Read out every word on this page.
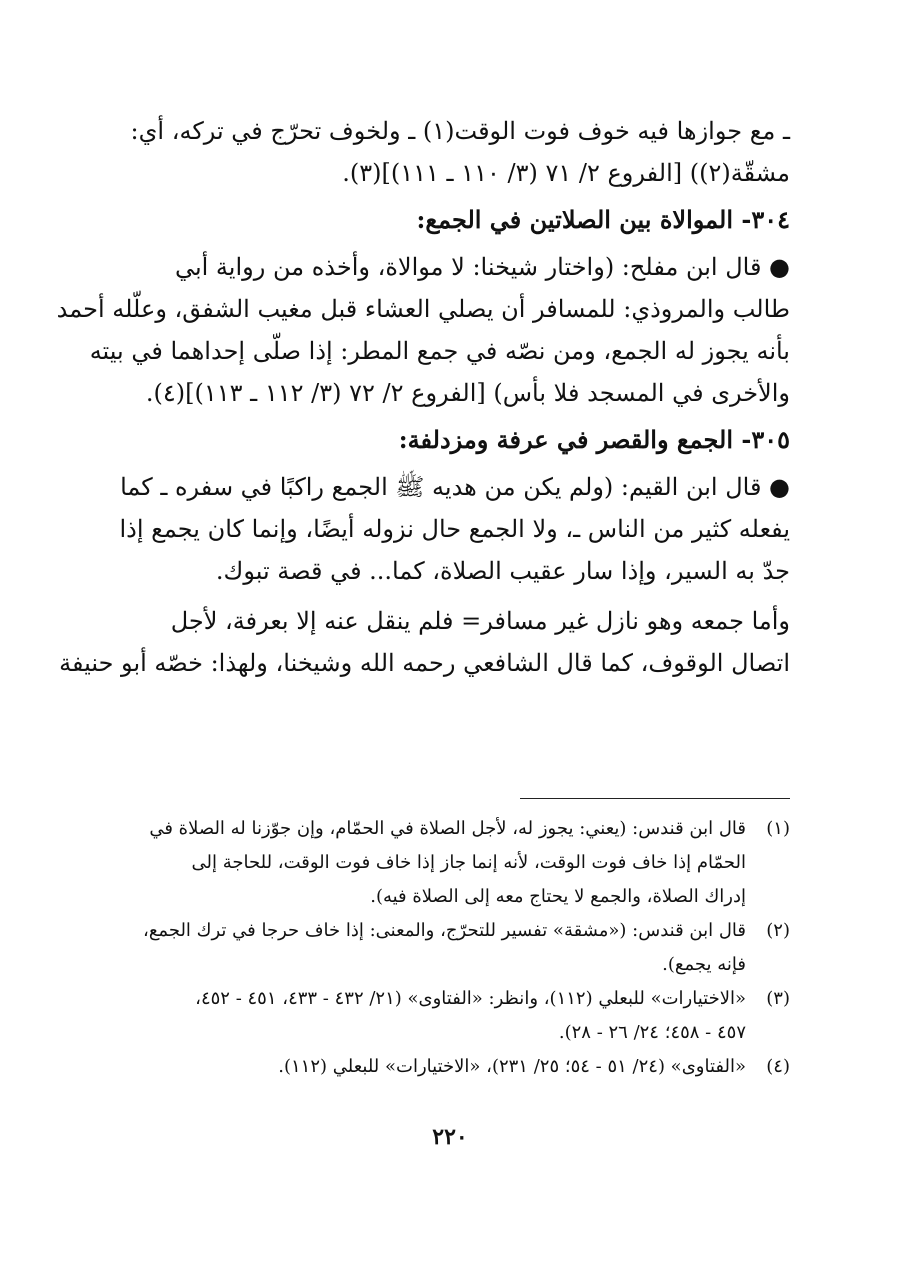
ـ مع جوازها فيه خوف فوت الوقت(١) ـ ولخوف تحرّج في تركه، أي:
مشقّة(٢)) [الفروع ٢/ ٧١ (٣/ ١١٠ ـ ١١١)](٣).
٣٠٤- الموالاة بين الصلاتين في الجمع:
● قال ابن مفلح: (واختار شيخنا: لا موالاة، وأخذه من رواية أبي
طالب والمروذي: للمسافر أن يصلي العشاء قبل مغيب الشفق، وعلّله أحمد
بأنه يجوز له الجمع، ومن نصّه في جمع المطر: إذا صلّى إحداهما في بيته
والأخرى في المسجد فلا بأس) [الفروع ٢/ ٧٢ (٣/ ١١٢ ـ ١١٣)](٤).
٣٠٥- الجمع والقصر في عرفة ومزدلفة:
● قال ابن القيم: (ولم يكن من هديه ﷺ الجمع راكبًا في سفره ـ كما
يفعله كثير من الناس ـ، ولا الجمع حال نزوله أيضًا، وإنما كان يجمع إذا
جدّ به السير، وإذا سار عقيب الصلاة، كما... في قصة تبوك.
وأما جمعه وهو نازل غير مسافر= فلم ينقل عنه إلا بعرفة، لأجل
اتصال الوقوف، كما قال الشافعي رحمه الله وشيخنا، ولهذا: خصّه أبو حنيفة
(١)قال ابن قندس: (يعني: يجوز له، لأجل الصلاة في الحمّام، وإن جوّزنا له الصلاة في
الحمّام إذا خاف فوت الوقت، لأنه إنما جاز إذا خاف فوت الوقت، للحاجة إلى
إدراك الصلاة، والجمع لا يحتاج معه إلى الصلاة فيه).
(٢)قال ابن قندس: («مشقة» تفسير للتحرّج، والمعنى: إذا خاف حرجا في ترك الجمع،
فإنه يجمع).
(٣)«الاختيارات» للبعلي (١١٢)، وانظر: «الفتاوى» (٢١/ ٤٣٢ - ٤٣٣، ٤٥١ - ٤٥٢،
٤٥٧ - ٤٥٨؛ ٢٤/ ٢٦ - ٢٨).
(٤)«الفتاوى» (٢٤/ ٥١ - ٥٤؛ ٢٥/ ٢٣١)، «الاختيارات» للبعلي (١١٢).
٢٢٠
